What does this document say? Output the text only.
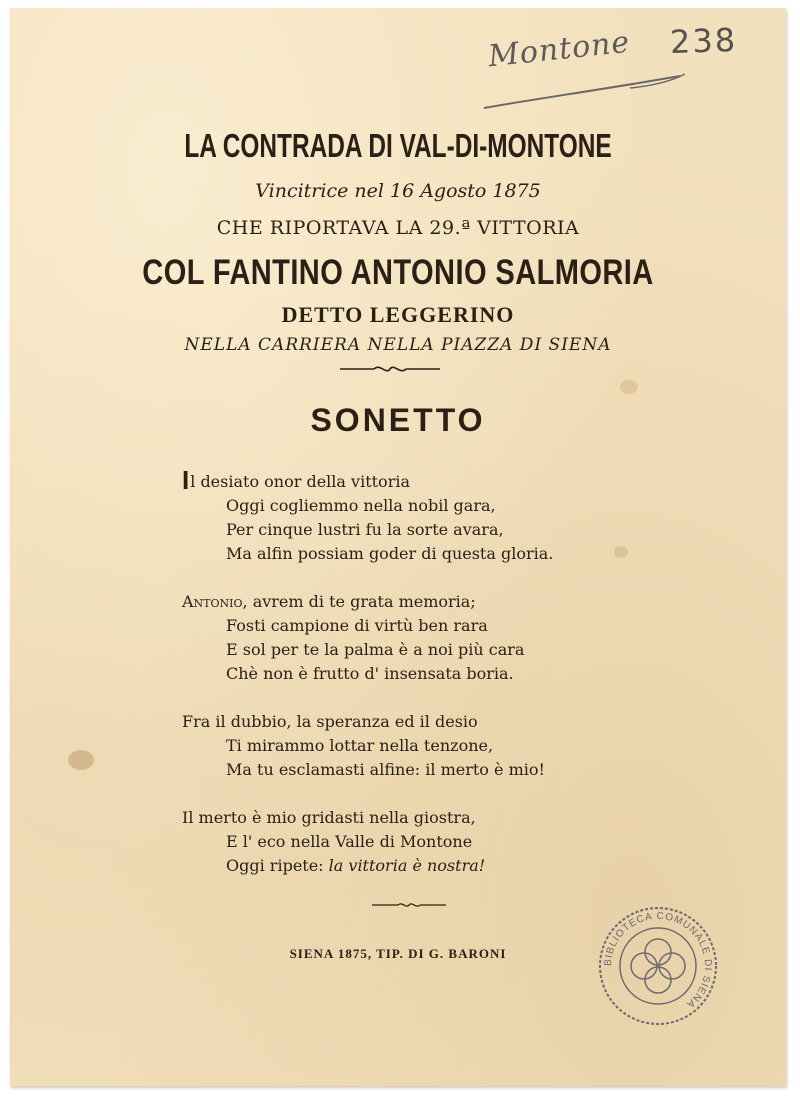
Montone 238
LA CONTRADA DI VAL-DI-MONTONE
Vincitrice nel 16 Agosto 1875
CHE RIPORTAVA LA 29.ª VITTORIA
COL FANTINO ANTONIO SALMORIA
DETTO LEGGERINO
NELLA CARRIERA NELLA PIAZZA DI SIENA
SONETTO
Il desiato onor della vittoria
Oggi cogliemmo nella nobil gara,
Per cinque lustri fu la sorte avara,
Ma alfin possiam goder di questa gloria.
Antonio, avrem di te grata memoria;
Fosti campione di virtù ben rara
E sol per te la palma è a noi più cara
Chè non è frutto d' insensata boria.
Fra il dubbio, la speranza ed il desio
Ti mirammo lottar nella tenzone,
Ma tu esclamasti alfine: il merto è mio!
Il merto è mio gridasti nella giostra,
E l' eco nella Valle di Montone
Oggi ripete: la vittoria è nostra!
SIENA 1875, TIP. DI G. BARONI
BIBLIOTECA COMUNALE DI SIENA
